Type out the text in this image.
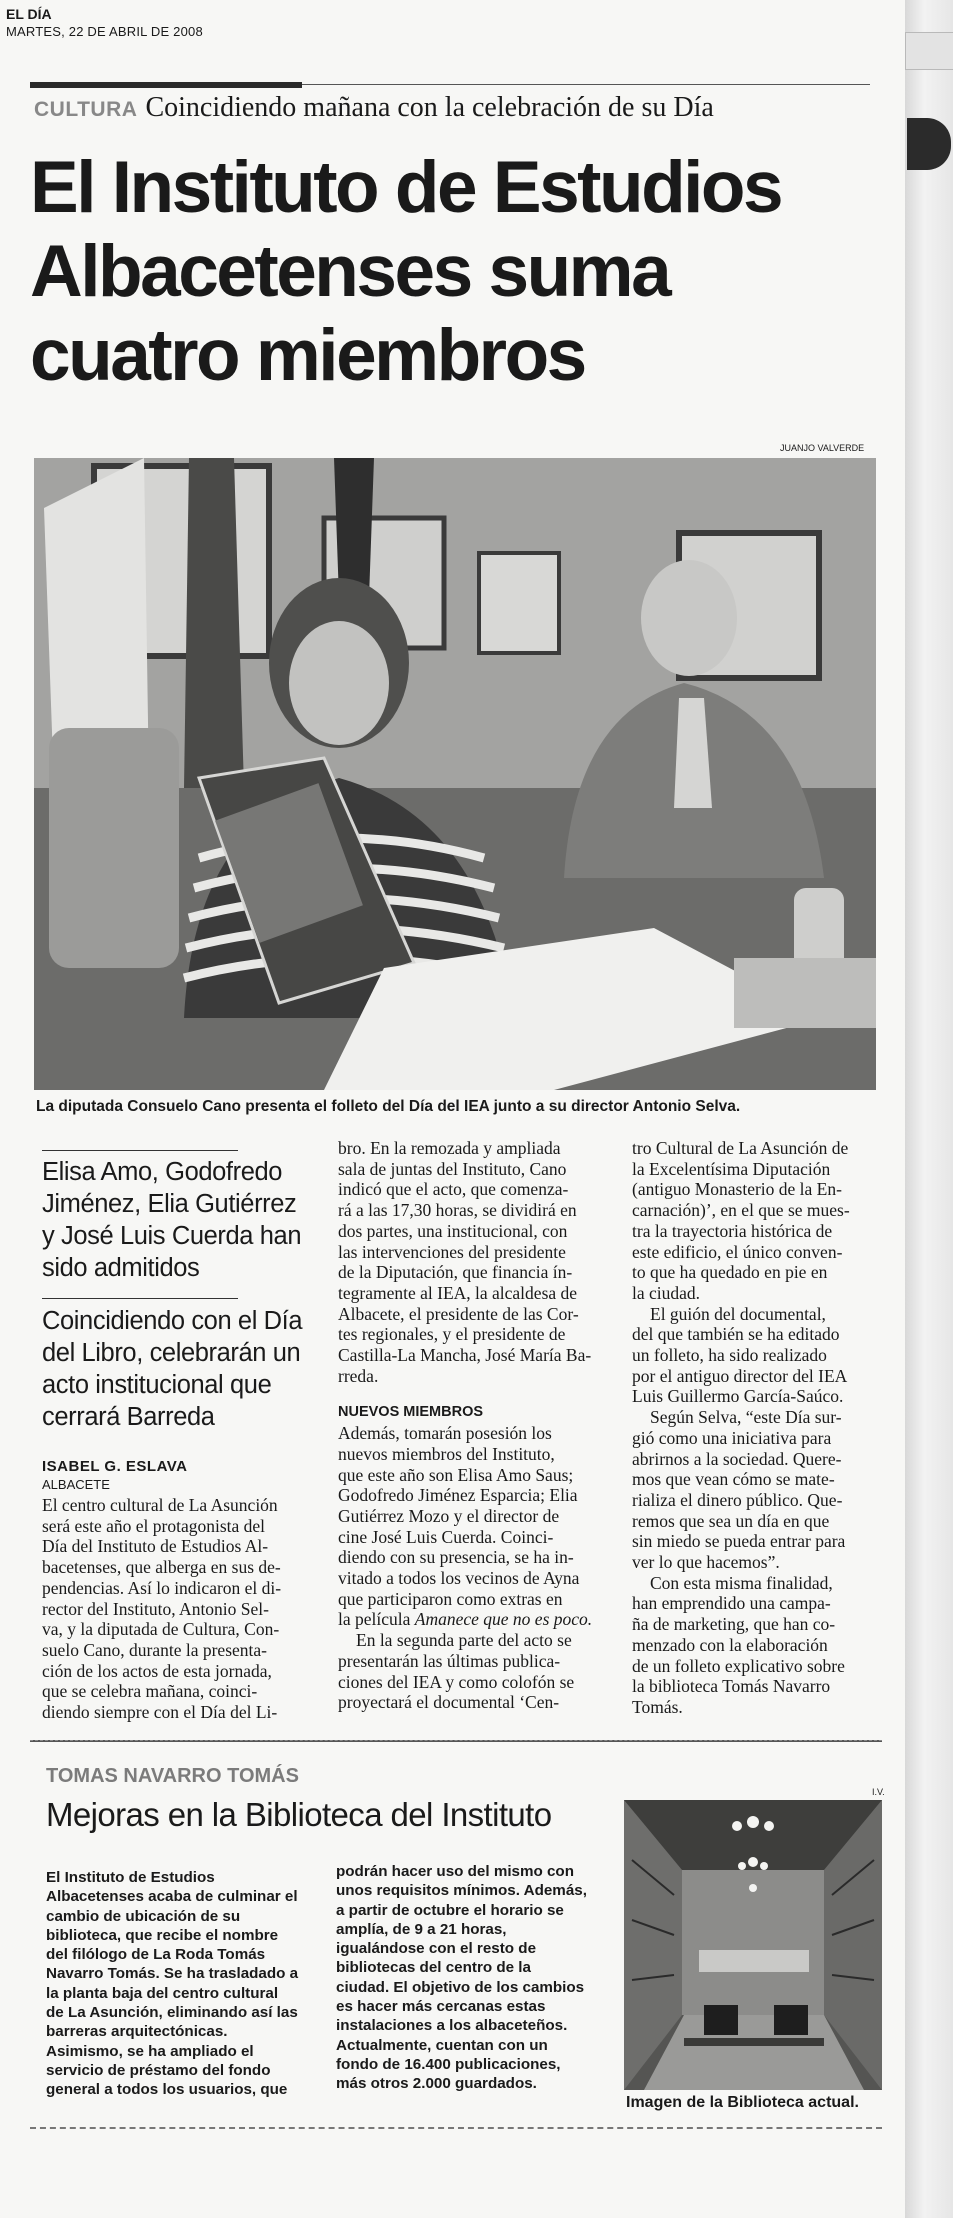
EL DÍA
MARTES, 22 DE ABRIL DE 2008
CULTURA Coincidiendo mañana con la celebración de su Día
El Instituto de Estudios
Albacetenses suma
cuatro miembros
JUANJO VALVERDE
La diputada Consuelo Cano presenta el folleto del Día del IEA junto a su director Antonio Selva.
Elisa Amo, Godofredo
Jiménez, Elia Gutiérrez
y José Luis Cuerda han
sido admitidos
Coincidiendo con el Día
del Libro, celebrarán un
acto institucional que
cerrará Barreda
ISABEL G. ESLAVA
ALBACETE
El centro cultural de La Asunción
será este año el protagonista del
Día del Instituto de Estudios Al-
bacetenses, que alberga en sus de-
pendencias. Así lo indicaron el di-
rector del Instituto, Antonio Sel-
va, y la diputada de Cultura, Con-
suelo Cano, durante la presenta-
ción de los actos de esta jornada,
que se celebra mañana, coinci-
diendo siempre con el Día del Li-
bro. En la remozada y ampliada
sala de juntas del Instituto, Cano
indicó que el acto, que comenza-
rá a las 17,30 horas, se dividirá en
dos partes, una institucional, con
las intervenciones del presidente
de la Diputación, que financia ín-
tegramente al IEA, la alcaldesa de
Albacete, el presidente de las Cor-
tes regionales, y el presidente de
Castilla-La Mancha, José María Ba-
rreda.
NUEVOS MIEMBROS
Además, tomarán posesión los
nuevos miembros del Instituto,
que este año son Elisa Amo Saus;
Godofredo Jiménez Esparcia; Elia
Gutiérrez Mozo y el director de
cine José Luis Cuerda. Coinci-
diendo con su presencia, se ha in-
vitado a todos los vecinos de Ayna
que participaron como extras en
la película Amanece que no es poco.
En la segunda parte del acto se
presentarán las últimas publica-
ciones del IEA y como colofón se
proyectará el documental ‘Cen-
tro Cultural de La Asunción de
la Excelentísima Diputación
(antiguo Monasterio de la En-
carnación)’, en el que se mues-
tra la trayectoria histórica de
este edificio, el único conven-
to que ha quedado en pie en
la ciudad.
El guión del documental,
del que también se ha editado
un folleto, ha sido realizado
por el antiguo director del IEA
Luis Guillermo García-Saúco.
Según Selva, “este Día sur-
gió como una iniciativa para
abrirnos a la sociedad. Quere-
mos que vean cómo se mate-
rializa el dinero público. Que-
remos que sea un día en que
sin miedo se pueda entrar para
ver lo que hacemos”.
Con esta misma finalidad,
han emprendido una campa-
ña de marketing, que han co-
menzado con la elaboración
de un folleto explicativo sobre
la biblioteca Tomás Navarro
Tomás.
TOMAS NAVARRO TOMÁS
I.V.
Mejoras en la Biblioteca del Instituto
El Instituto de Estudios
Albacetenses acaba de culminar el
cambio de ubicación de su
biblioteca, que recibe el nombre
del filólogo de La Roda Tomás
Navarro Tomás. Se ha trasladado a
la planta baja del centro cultural
de La Asunción, eliminando así las
barreras arquitectónicas.
Asimismo, se ha ampliado el
servicio de préstamo del fondo
general a todos los usuarios, que
podrán hacer uso del mismo con
unos requisitos mínimos. Además,
a partir de octubre el horario se
amplía, de 9 a 21 horas,
igualándose con el resto de
bibliotecas del centro de la
ciudad. El objetivo de los cambios
es hacer más cercanas estas
instalaciones a los albaceteños.
Actualmente, cuentan con un
fondo de 16.400 publicaciones,
más otros 2.000 guardados.
Imagen de la Biblioteca actual.
